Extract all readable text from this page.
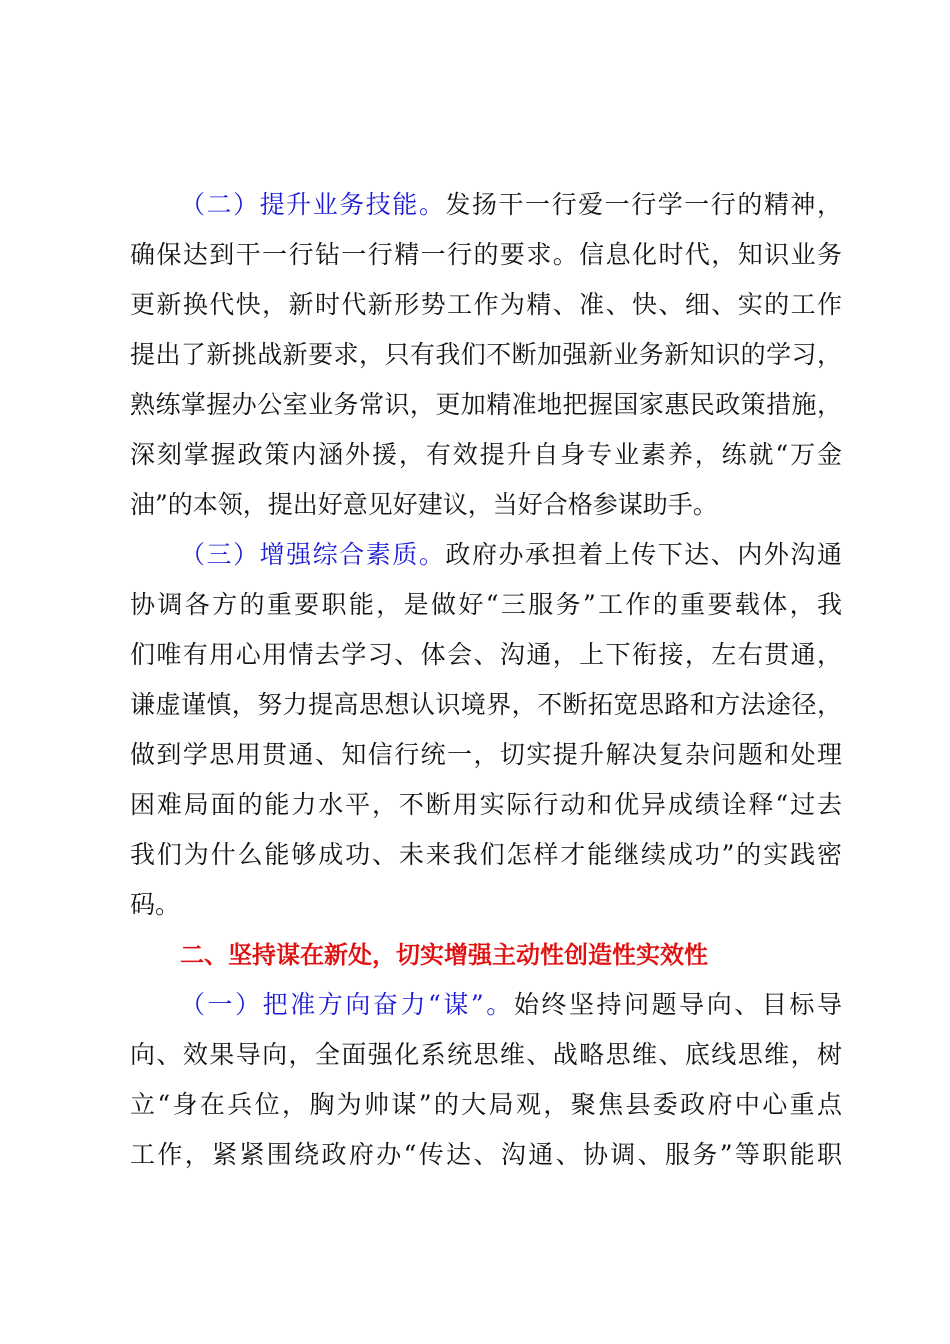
（二）提升业务技能。发扬干一行爱一行学一行的精神，
确保达到干一行钻一行精一行的要求。信息化时代，知识业务
更新换代快，新时代新形势工作为精、准、快、细、实的工作
提出了新挑战新要求，只有我们不断加强新业务新知识的学习，
熟练掌握办公室业务常识，更加精准地把握国家惠民政策措施，
深刻掌握政策内涵外援，有效提升自身专业素养，练就“万金
油”的本领，提出好意见好建议，当好合格参谋助手。
（三）增强综合素质。政府办承担着上传下达、内外沟通
协调各方的重要职能，是做好“三服务”工作的重要载体，我
们唯有用心用情去学习、体会、沟通，上下衔接，左右贯通，
谦虚谨慎，努力提高思想认识境界，不断拓宽思路和方法途径，
做到学思用贯通、知信行统一，切实提升解决复杂问题和处理
困难局面的能力水平，不断用实际行动和优异成绩诠释“过去
我们为什么能够成功、未来我们怎样才能继续成功”的实践密
码。
二、坚持谋在新处，切实增强主动性创造性实效性
（一）把准方向奋力“谋”。始终坚持问题导向、目标导
向、效果导向，全面强化系统思维、战略思维、底线思维，树
立“身在兵位，胸为帅谋”的大局观，聚焦县委政府中心重点
工作，紧紧围绕政府办“传达、沟通、协调、服务”等职能职
